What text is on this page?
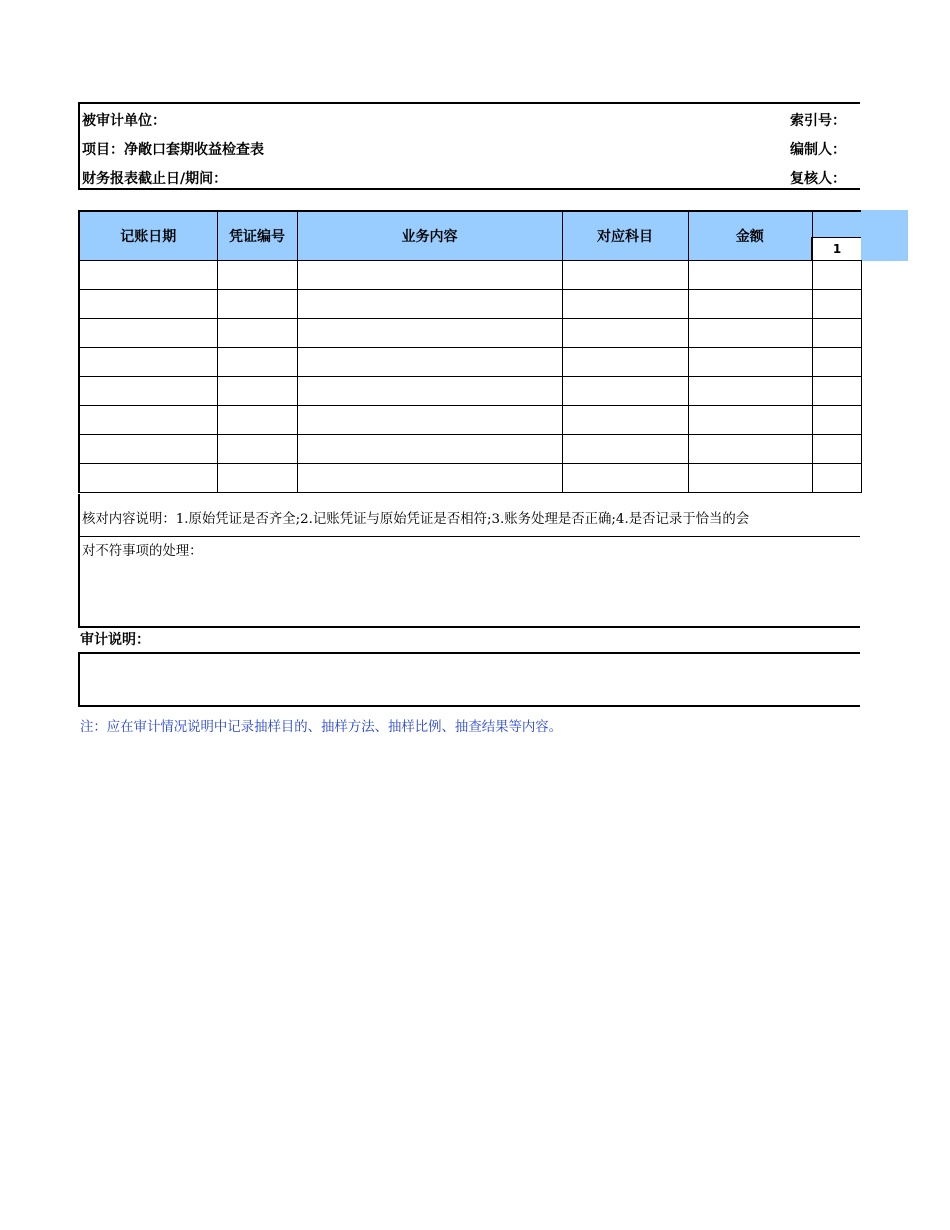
被审计单位：	索引号：
项目：净敞口套期收益检查表	编制人：
财务报表截止日/期间：	复核人：
记账日期	凭证编号	业务内容	对应科目	金额	
					1

核对内容说明：1.原始凭证是否齐全;2.记账凭证与原始凭证是否相符;3.账务处理是否正确;4.是否记录于恰当的会
对不符事项的处理：
审计说明：
注：应在审计情况说明中记录抽样目的、抽样方法、抽样比例、抽查结果等内容。
